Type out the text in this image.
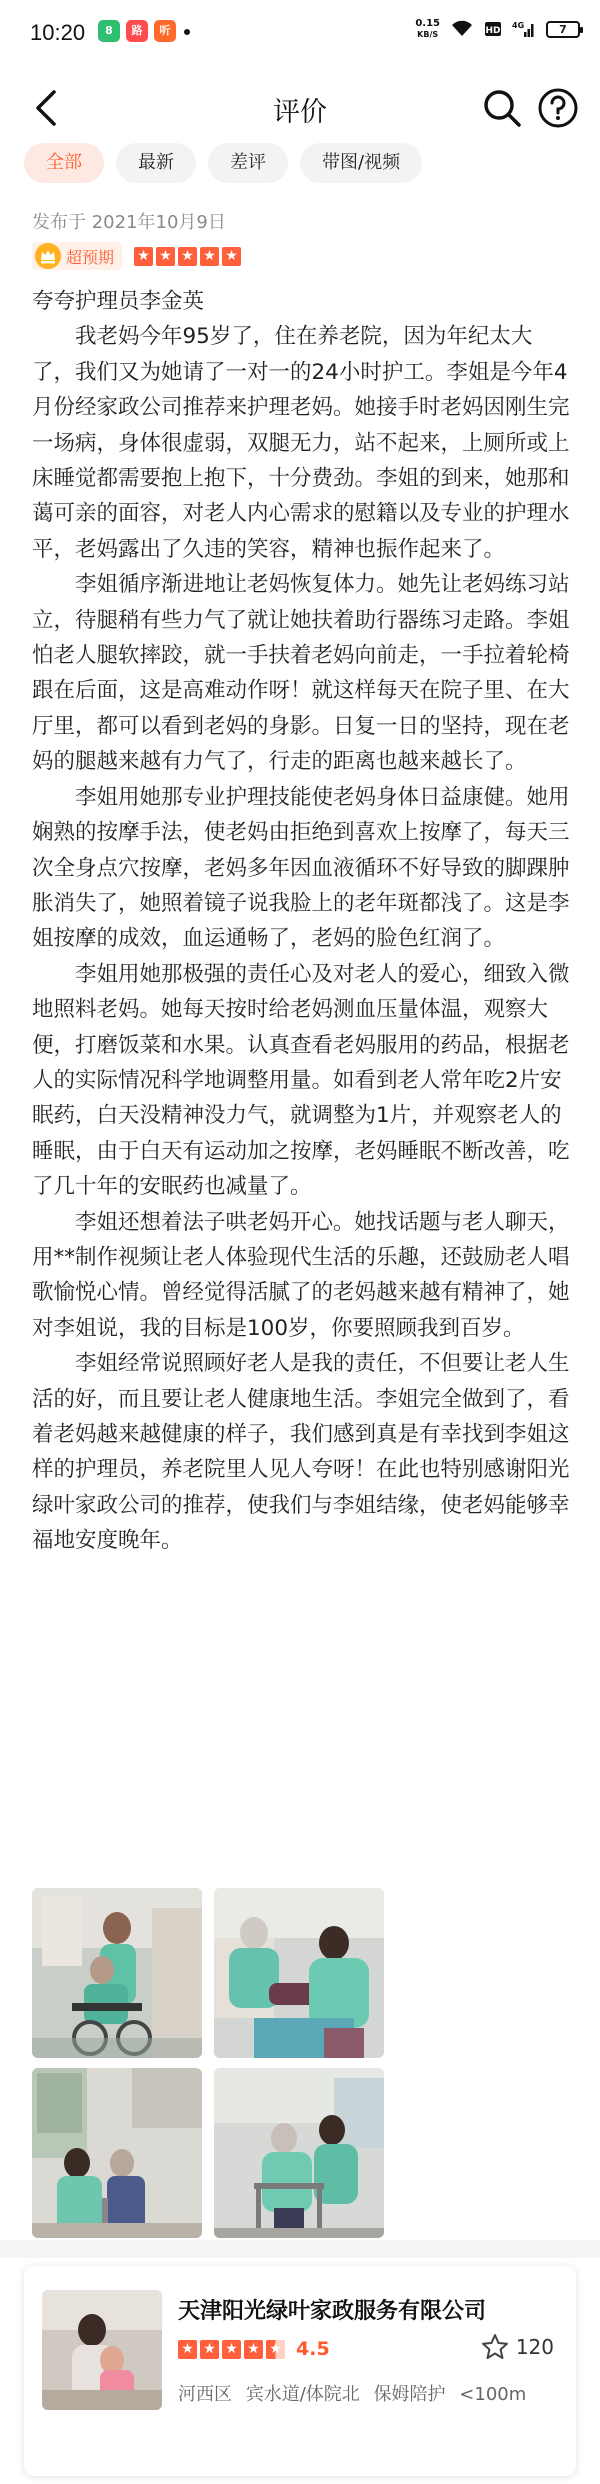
10:20	8	路	听
0.15
KB/S	HD
4G	7
评价
全部	最新	差评	带图/视频
发布于 2021年10月9日
超预期 ★ ★ ★ ★ ★

夸夸护理员李金英

　　我老妈今年95岁了，住在养老院，因为年纪太大了，我们又为她请了一对一的24小时护工。李姐是今年4月份经家政公司推荐来护理老妈。她接手时老妈因刚生完一场病，身体很虚弱，双腿无力，站不起来，上厕所或上床睡觉都需要抱上抱下，十分费劲。李姐的到来，她那和蔼可亲的面容，对老人内心需求的慰籍以及专业的护理水平，老妈露出了久违的笑容，精神也振作起来了。

　　李姐循序渐进地让老妈恢复体力。她先让老妈练习站立，待腿稍有些力气了就让她扶着助行器练习走路。李姐怕老人腿软摔跤，就一手扶着老妈向前走，一手拉着轮椅跟在后面，这是高难动作呀！就这样每天在院子里、在大厅里，都可以看到老妈的身影。日复一日的坚持，现在老妈的腿越来越有力气了，行走的距离也越来越长了。

　　李姐用她那专业护理技能使老妈身体日益康健。她用娴熟的按摩手法，使老妈由拒绝到喜欢上按摩了，每天三次全身点穴按摩，老妈多年因血液循环不好导致的脚踝肿胀消失了，她照着镜子说我脸上的老年斑都浅了。这是李姐按摩的成效，血运通畅了，老妈的脸色红润了。

　　李姐用她那极强的责任心及对老人的爱心，细致入微地照料老妈。她每天按时给老妈测血压量体温，观察大便，打磨饭菜和水果。认真查看老妈服用的药品，根据老人的实际情况科学地调整用量。如看到老人常年吃2片安眠药，白天没精神没力气，就调整为1片，并观察老人的睡眠，由于白天有运动加之按摩，老妈睡眠不断改善，吃了几十年的安眠药也减量了。

　　李姐还想着法子哄老妈开心。她找话题与老人聊天，用**制作视频让老人体验现代生活的乐趣，还鼓励老人唱歌愉悦心情。曾经觉得活腻了的老妈越来越有精神了，她对李姐说，我的目标是100岁，你要照顾我到百岁。

　　李姐经常说照顾好老人是我的责任，不但要让老人生活的好，而且要让老人健康地生活。李姐完全做到了，看着老妈越来越健康的样子，我们感到真是有幸找到李姐这样的护理员，养老院里人见人夸呀！在此也特别感谢阳光绿叶家政公司的推荐，使我们与李姐结缘，使老妈能够幸福地安度晚年。

天津阳光绿叶家政服务有限公司
★ ★ ★ ★ ★ 4.5	120
河西区 宾水道/体院北 保姆陪护 <100m
